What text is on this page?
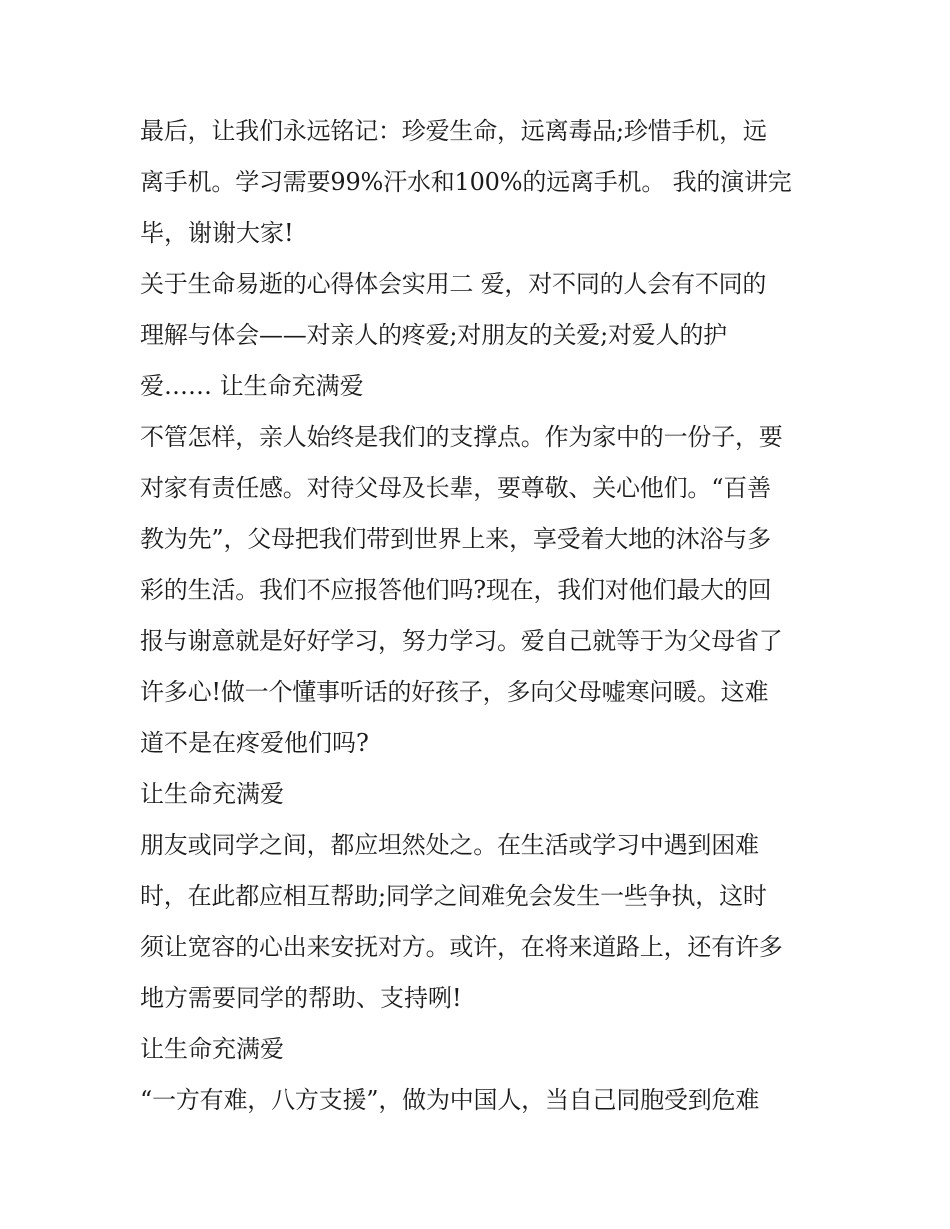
最后，让我们永远铭记：珍爱生命，远离毒品;珍惜手机，远
离手机。学习需要99%汗水和100%的远离手机。 我的演讲完
毕，谢谢大家!
关于生命易逝的心得体会实用二 爱，对不同的人会有不同的
理解与体会——对亲人的疼爱;对朋友的关爱;对爱人的护
爱…… 让生命充满爱
不管怎样，亲人始终是我们的支撑点。作为家中的一份子，要
对家有责任感。对待父母及长辈，要尊敬、关心他们。“百善
教为先”，父母把我们带到世界上来，享受着大地的沐浴与多
彩的生活。我们不应报答他们吗?现在，我们对他们最大的回
报与谢意就是好好学习，努力学习。爱自己就等于为父母省了
许多心!做一个懂事听话的好孩子，多向父母嘘寒问暖。这难
道不是在疼爱他们吗?
让生命充满爱
朋友或同学之间，都应坦然处之。在生活或学习中遇到困难
时，在此都应相互帮助;同学之间难免会发生一些争执，这时
须让宽容的心出来安抚对方。或许，在将来道路上，还有许多
地方需要同学的帮助、支持咧!
让生命充满爱
“一方有难，八方支援”，做为中国人，当自己同胞受到危难
